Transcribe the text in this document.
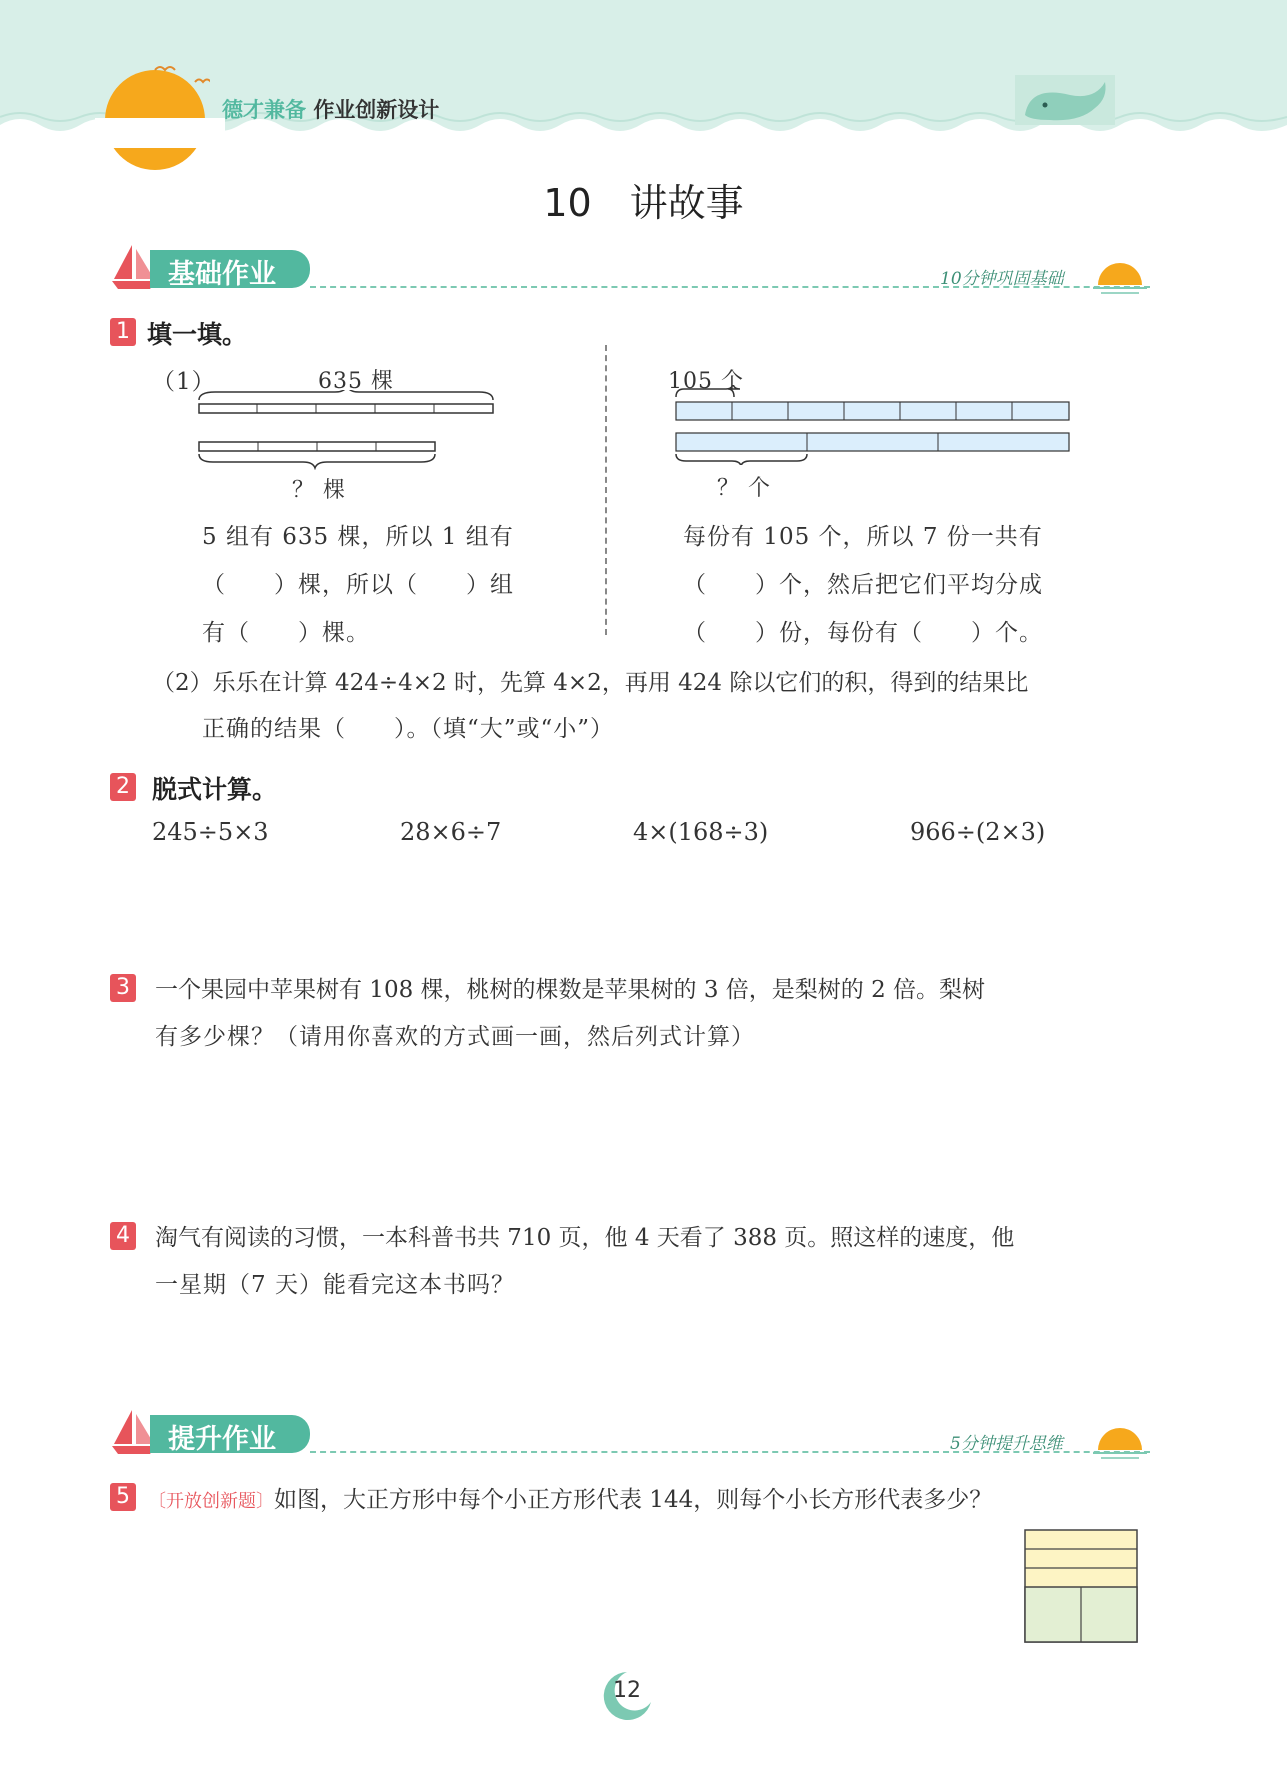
德才兼备 作业创新设计
10　讲故事
基础作业	10分钟巩固基础
1 填一填。
（1）	635 棵
？ 棵
5 组有 635 棵，所以 1 组有
（　　）棵，所以（　　）组
有（　　）棵。
105 个
？ 个
每份有 105 个，所以 7 份一共有
（　　）个，然后把它们平均分成
（　　）份，每份有（　　）个。
（2）乐乐在计算 424÷4×2 时，先算 4×2，再用 424 除以它们的积，得到的结果比
正确的结果（　　）。（填“大”或“小”）
2 脱式计算。
245÷5×3	28×6÷7	4×(168÷3)	966÷(2×3)
3 一个果园中苹果树有 108 棵，桃树的棵数是苹果树的 3 倍，是梨树的 2 倍。梨树
有多少棵？（请用你喜欢的方式画一画，然后列式计算）
4 淘气有阅读的习惯，一本科普书共 710 页，他 4 天看了 388 页。照这样的速度，他
一星期（7 天）能看完这本书吗？
提升作业	5分钟提升思维
5	〔开放创新题〕如图，大正方形中每个小正方形代表 144，则每个小长方形代表多少？
12
